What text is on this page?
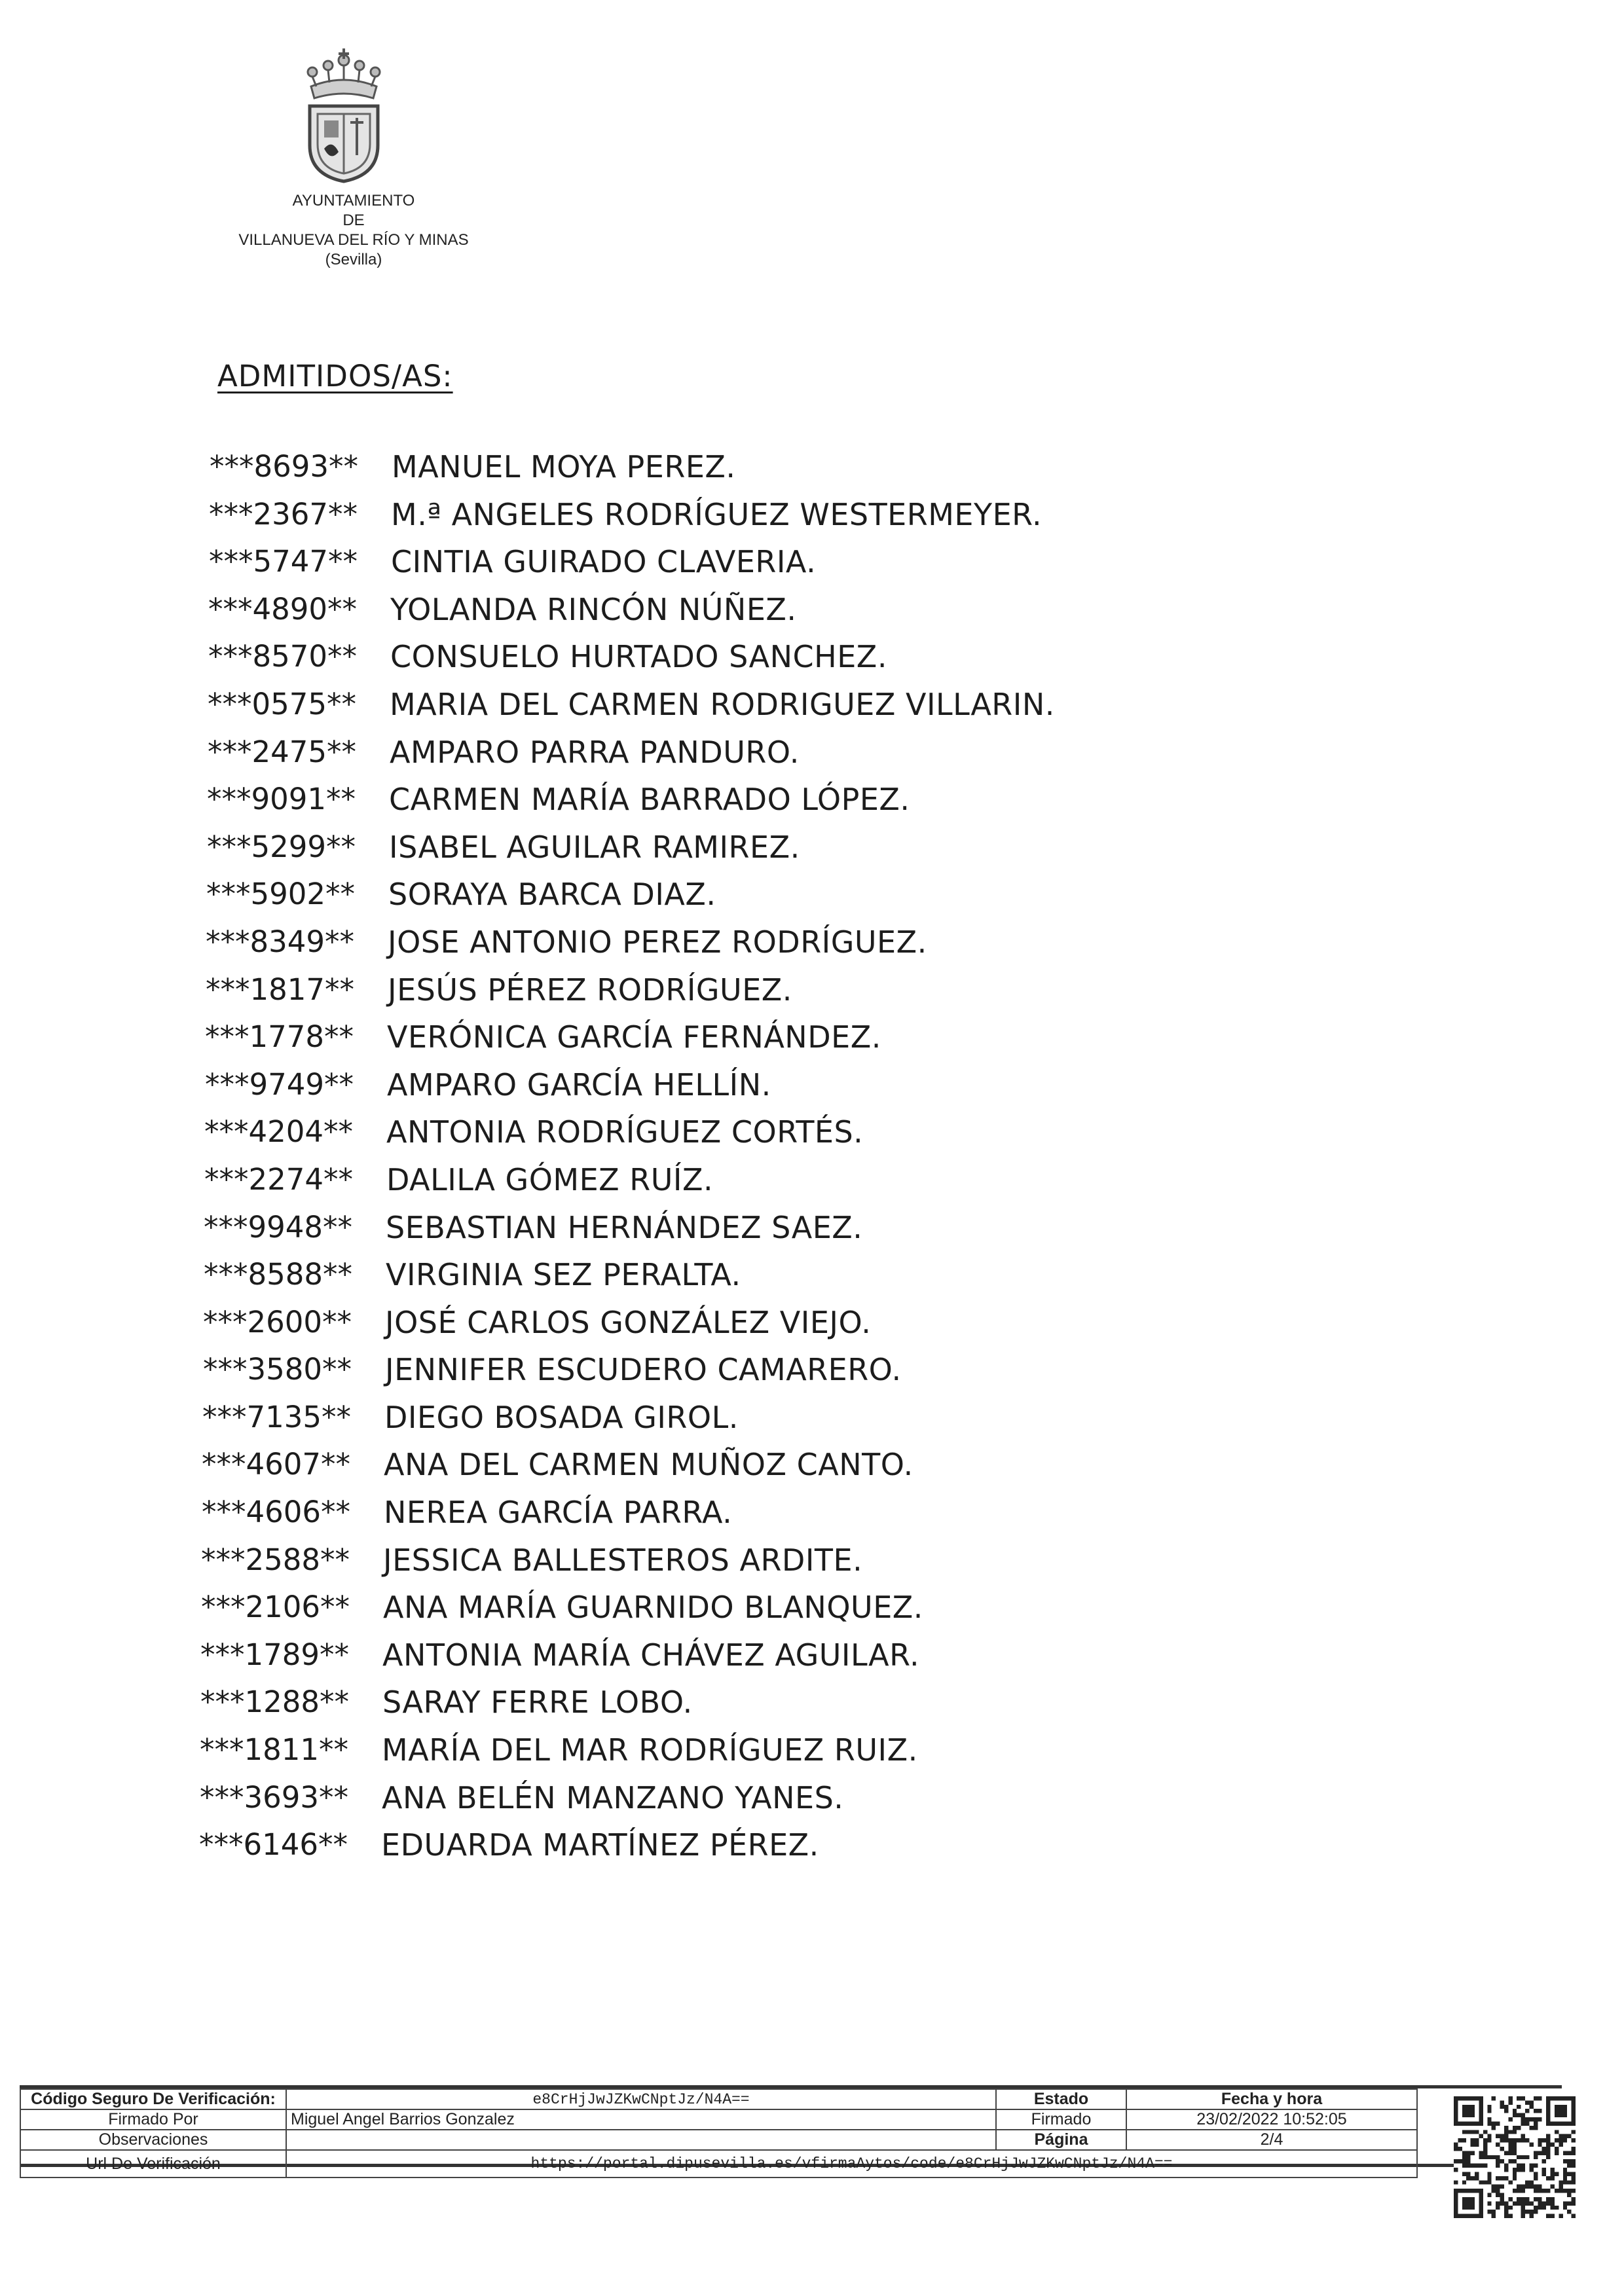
AYUNTAMIENTO
DE
VILLANUEVA DEL RÍO Y MINAS
(Sevilla)
ADMITIDOS/AS:
***8693** MANUEL MOYA PEREZ.
***2367** M.ª ANGELES RODRÍGUEZ WESTERMEYER.
***5747** CINTIA GUIRADO CLAVERIA.
***4890** YOLANDA RINCÓN NÚÑEZ.
***8570** CONSUELO HURTADO SANCHEZ.
***0575** MARIA DEL CARMEN RODRIGUEZ VILLARIN.
***2475** AMPARO PARRA PANDURO.
***9091** CARMEN MARÍA BARRADO LÓPEZ.
***5299** ISABEL AGUILAR RAMIREZ.
***5902** SORAYA BARCA DIAZ.
***8349** JOSE ANTONIO PEREZ RODRÍGUEZ.
***1817** JESÚS PÉREZ RODRÍGUEZ.
***1778** VERÓNICA GARCÍA FERNÁNDEZ.
***9749** AMPARO GARCÍA HELLÍN.
***4204** ANTONIA RODRÍGUEZ CORTÉS.
***2274** DALILA GÓMEZ RUÍZ.
***9948** SEBASTIAN HERNÁNDEZ SAEZ.
***8588** VIRGINIA SEZ PERALTA.
***2600** JOSÉ CARLOS GONZÁLEZ VIEJO.
***3580** JENNIFER ESCUDERO CAMARERO.
***7135** DIEGO BOSADA GIROL.
***4607** ANA DEL CARMEN MUÑOZ CANTO.
***4606** NEREA GARCÍA PARRA.
***2588** JESSICA BALLESTEROS ARDITE.
***2106** ANA MARÍA GUARNIDO BLANQUEZ.
***1789** ANTONIA MARÍA CHÁVEZ AGUILAR.
***1288** SARAY FERRE LOBO.
***1811** MARÍA DEL MAR RODRÍGUEZ RUIZ.
***3693** ANA BELÉN MANZANO YANES.
***6146** EDUARDA MARTÍNEZ PÉREZ.
Código Seguro De Verificación:	e8CrHjJwJZKwCNptJz/N4A==	Estado	Fecha y hora
Firmado Por	Miguel Angel Barrios Gonzalez	Firmado	23/02/2022 10:52:05
Observaciones		Página	2/4
Url De Verificación	https://portal.dipusevilla.es/vfirmaAytos/code/e8CrHjJwJZKwCNptJz/N4A==		
